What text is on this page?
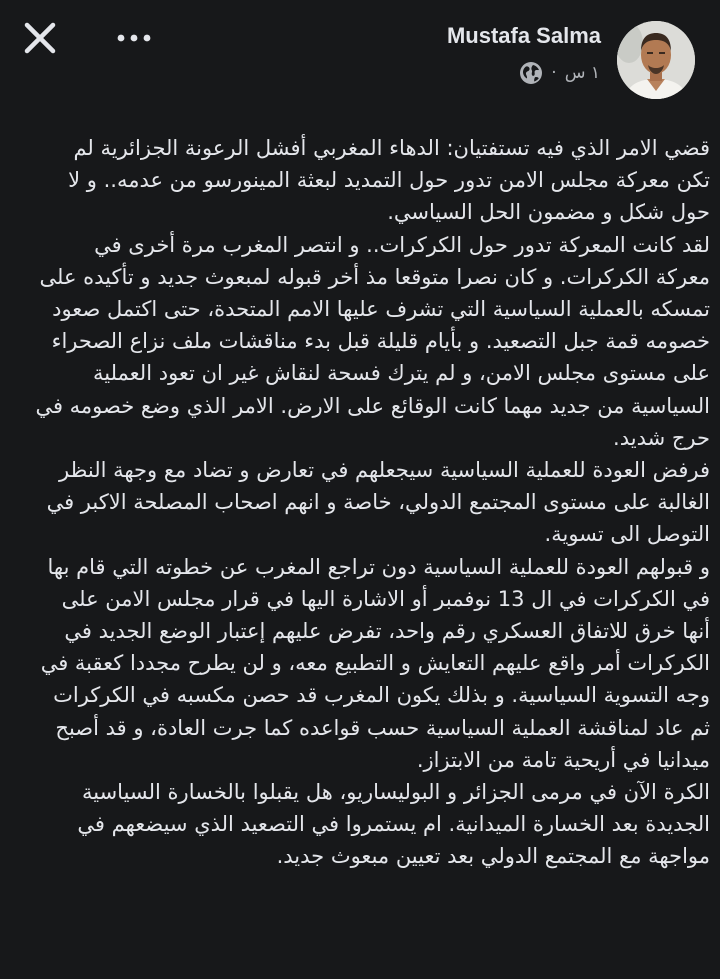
Mustafa Salma
· ١ س

قضي الامر الذي فيه تستفتيان: الدهاء المغربي أفشل الرعونة الجزائرية لم تكن معركة مجلس الامن تدور حول التمديد لبعثة المينورسو من عدمه.. و لا حول شكل و مضمون الحل السياسي.

لقد كانت المعركة تدور حول الكركرات.. و انتصر المغرب مرة أخرى في معركة الكركرات. و كان نصرا متوقعا مذ أخر قبوله لمبعوث جديد و تأكيده على تمسكه بالعملية السياسية التي تشرف عليها الامم المتحدة، حتى اكتمل صعود خصومه قمة جبل التصعيد. و بأيام قليلة قبل بدء مناقشات ملف نزاع الصحراء على مستوى مجلس الامن، و لم يترك فسحة لنقاش غير ان تعود العملية السياسية من جديد مهما كانت الوقائع على الارض. الامر الذي وضع خصومه في حرج شديد.

فرفض العودة للعملية السياسية سيجعلهم في تعارض و تضاد مع وجهة النظر الغالبة على مستوى المجتمع الدولي، خاصة و انهم اصحاب المصلحة الاكبر في التوصل الى تسوية.

و قبولهم العودة للعملية السياسية دون تراجع المغرب عن خطوته التي قام بها في الكركرات في ال 13 نوفمبر أو الاشارة اليها في قرار مجلس الامن على أنها خرق للاتفاق العسكري رقم واحد، تفرض عليهم إعتبار الوضع الجديد في الكركرات أمر واقع عليهم التعايش و التطبيع معه، و لن يطرح مجددا كعقبة في وجه التسوية السياسية. و بذلك يكون المغرب قد حصن مكسبه في الكركرات ثم عاد لمناقشة العملية السياسية حسب قواعده كما جرت العادة، و قد أصبح ميدانيا في أريحية تامة من الابتزاز.

الكرة الآن في مرمى الجزائر و البوليساريو، هل يقبلوا بالخسارة السياسية الجديدة بعد الخسارة الميدانية. ام يستمروا في التصعيد الذي سيضعهم في مواجهة مع المجتمع الدولي بعد تعيين مبعوث جديد.
